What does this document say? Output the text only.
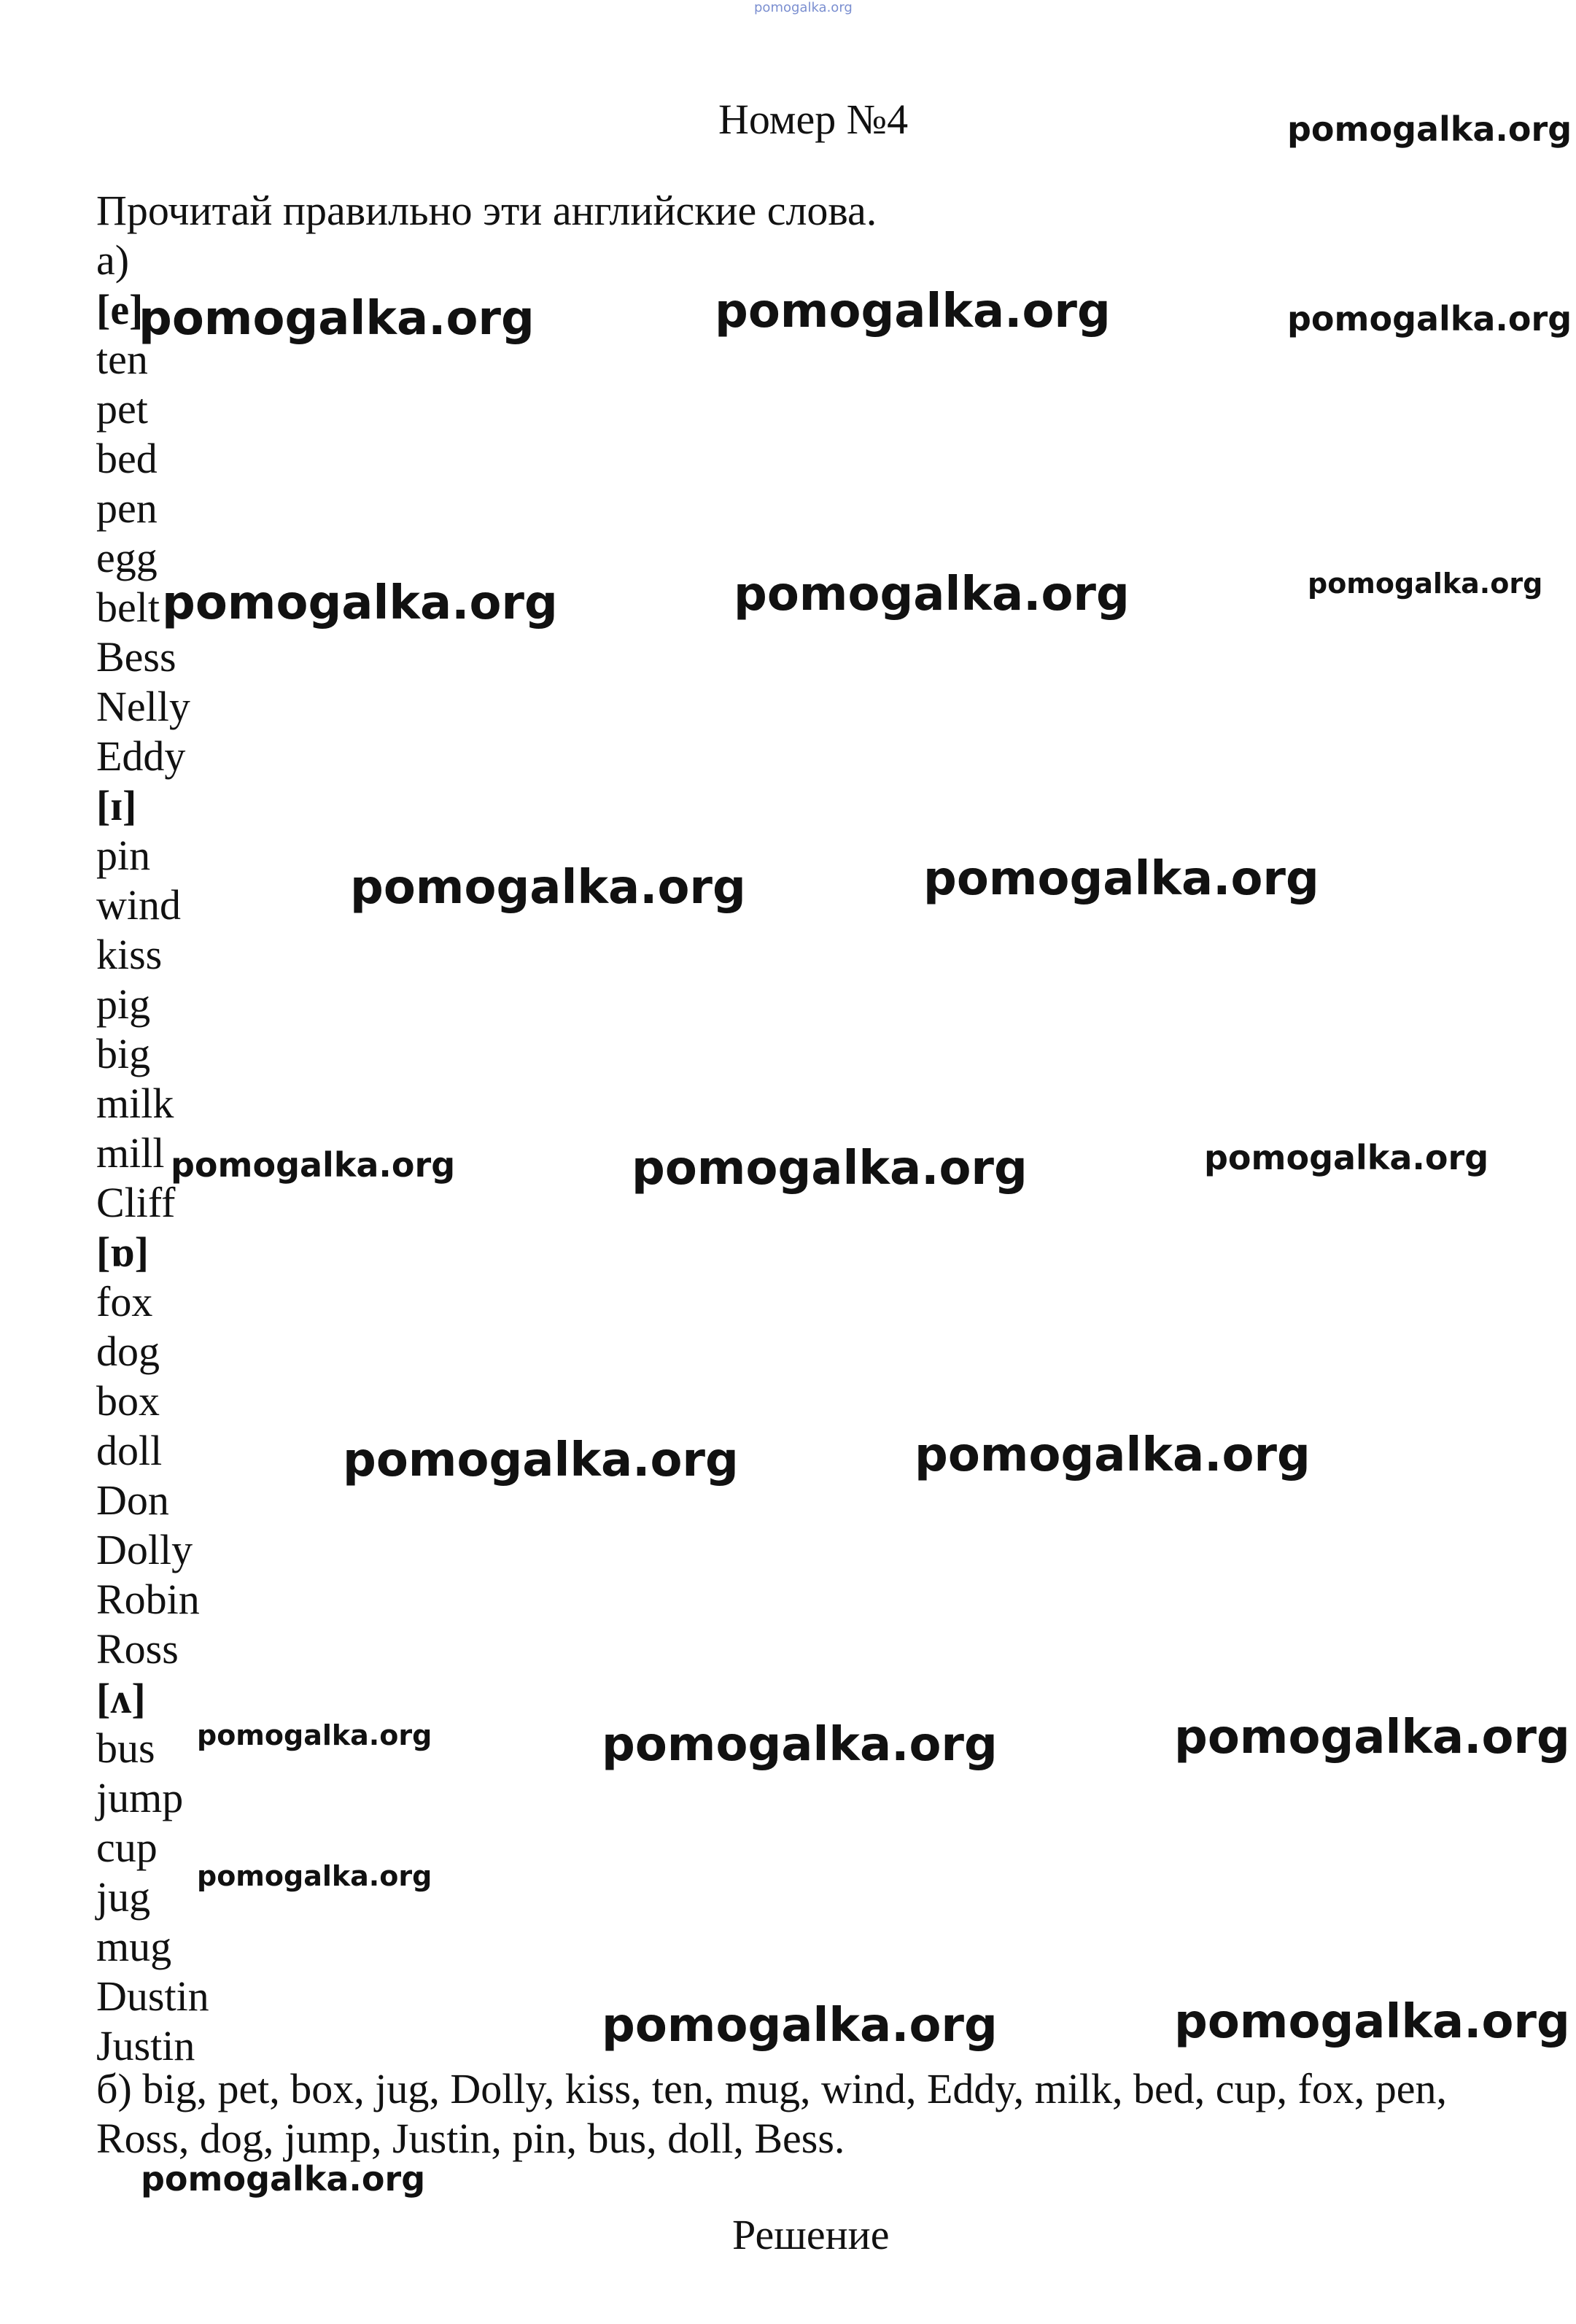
pomogalka.org
Номер №4
Прочитай правильно эти английские слова.
а)
[e]
ten
pet
bed
pen
egg
belt
Bess
Nelly
Eddy
[ɪ]
pin
wind
kiss
pig
big
milk
mill
Cliff
[ɒ]
fox
dog
box
doll
Don
Dolly
Robin
Ross
[ʌ]
bus
jump
cup
jug
mug
Dustin
Justin
б) big, pet, box, jug, Dolly, kiss, ten, mug, wind, Eddy, milk, bed, cup, fox, pen, Ross, dog, jump, Justin, pin, bus, doll, Bess.
Решение
pomogalka.org
pomogalka.org	pomogalka.org	pomogalka.org
pomogalka.org	pomogalka.org	pomogalka.org
pomogalka.org	pomogalka.org
pomogalka.org	pomogalka.org	pomogalka.org
pomogalka.org	pomogalka.org
pomogalka.org	pomogalka.org	pomogalka.org
pomogalka.org
pomogalka.org	pomogalka.org
pomogalka.org
